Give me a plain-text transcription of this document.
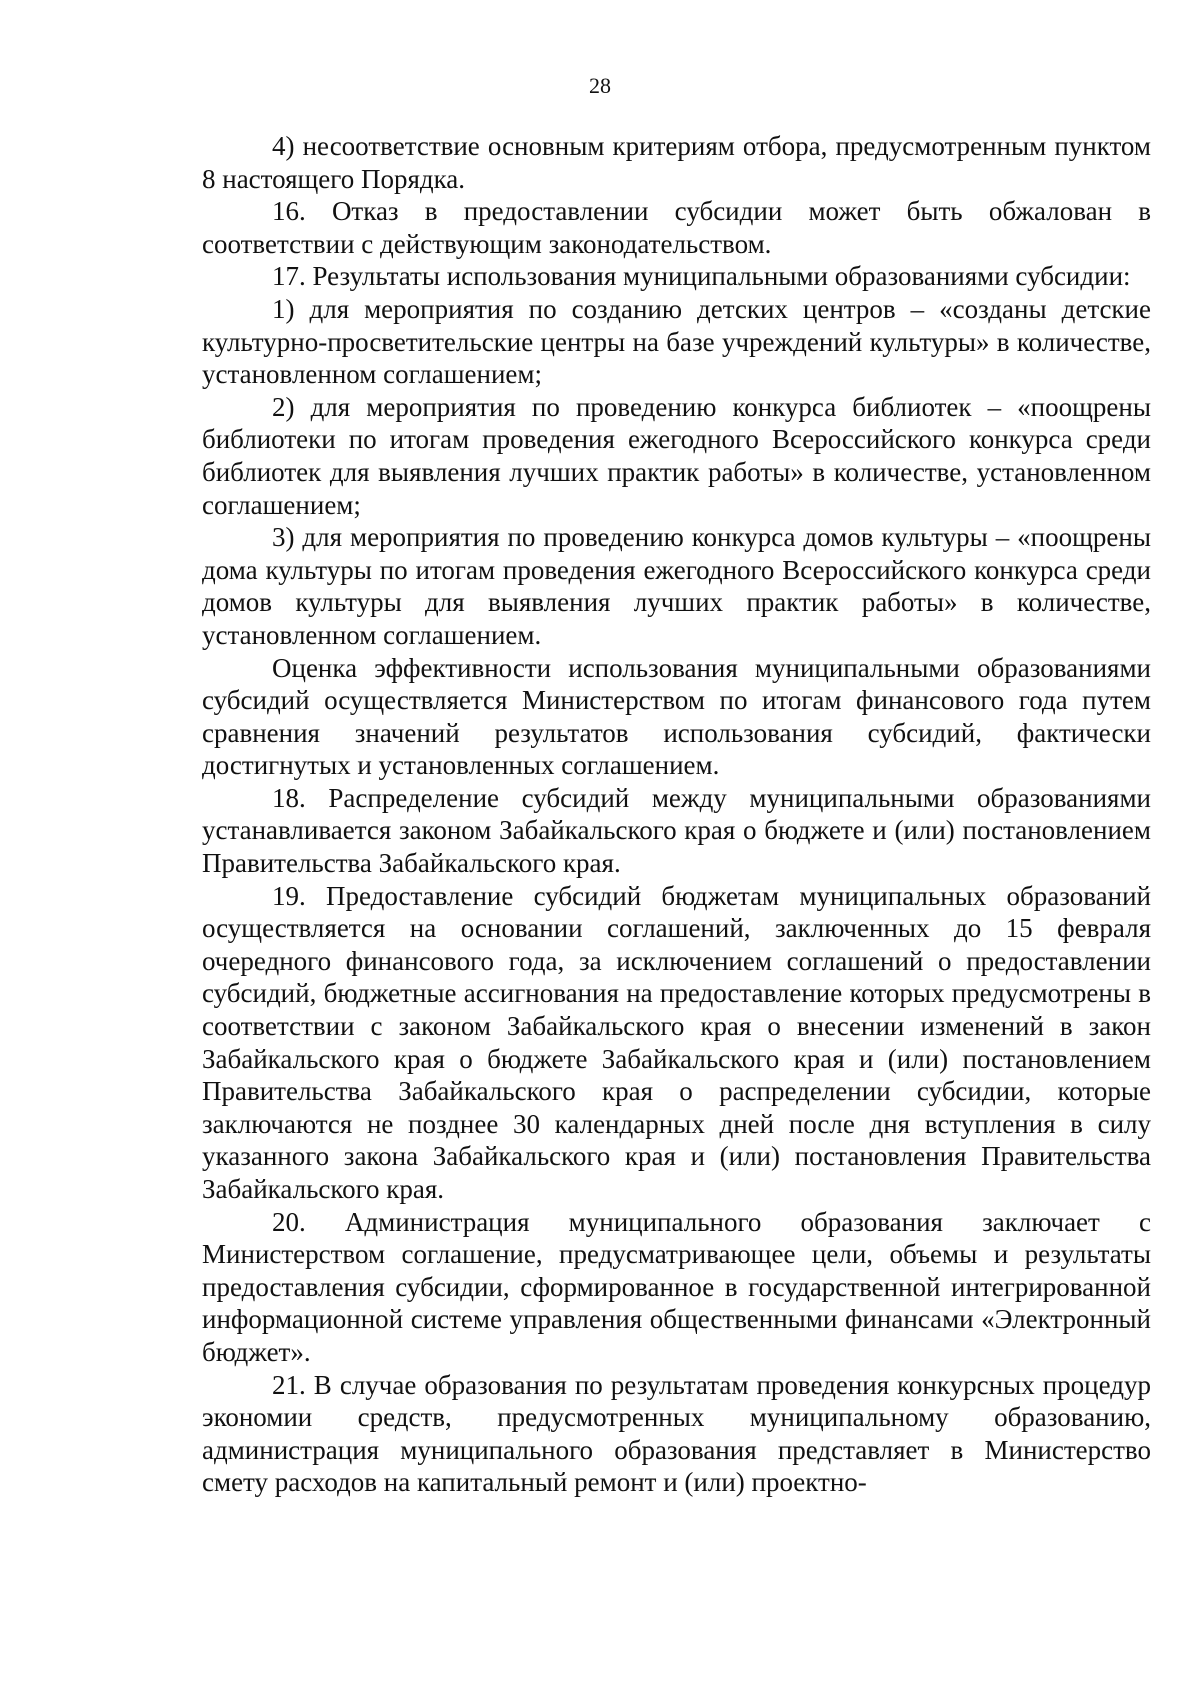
28

4) несоответствие основным критериям отбора, предусмотренным пунктом 8 настоящего Порядка.

16. Отказ в предоставлении субсидии может быть обжалован в соответствии с действующим законодательством.

17. Результаты использования муниципальными образованиями субсидии:

1) для мероприятия по созданию детских центров – «созданы детские культурно-просветительские центры на базе учреждений культуры» в количестве, установленном соглашением;

2) для мероприятия по проведению конкурса библиотек – «поощрены библиотеки по итогам проведения ежегодного Всероссийского конкурса среди библиотек для выявления лучших практик работы» в количестве, установленном соглашением;

3) для мероприятия по проведению конкурса домов культуры – «поощрены дома культуры по итогам проведения ежегодного Всероссийского конкурса среди домов культуры для выявления лучших практик работы» в количестве, установленном соглашением.

Оценка эффективности использования муниципальными образованиями субсидий осуществляется Министерством по итогам финансового года путем сравнения значений результатов использования субсидий, фактически достигнутых и установленных соглашением.

18. Распределение субсидий между муниципальными образованиями устанавливается законом Забайкальского края о бюджете и (или) постановлением Правительства Забайкальского края.

19. Предоставление субсидий бюджетам муниципальных образований осуществляется на основании соглашений, заключенных до 15 февраля очередного финансового года, за исключением соглашений о предоставлении субсидий, бюджетные ассигнования на предоставление которых предусмотрены в соответствии с законом Забайкальского края о внесении изменений в закон Забайкальского края о бюджете Забайкальского края и (или) постановлением Правительства Забайкальского края о распределении субсидии, которые заключаются не позднее 30 календарных дней после дня вступления в силу указанного закона Забайкальского края и (или) постановления Правительства Забайкальского края.

20. Администрация муниципального образования заключает с Министерством соглашение, предусматривающее цели, объемы и результаты предоставления субсидии, сформированное в государственной интегрированной информационной системе управления общественными финансами «Электронный бюджет».

21. В случае образования по результатам проведения конкурсных процедур экономии средств, предусмотренных муниципальному образованию, администрация муниципального образования представляет в Министерство смету расходов на капитальный ремонт и (или) проектно-
